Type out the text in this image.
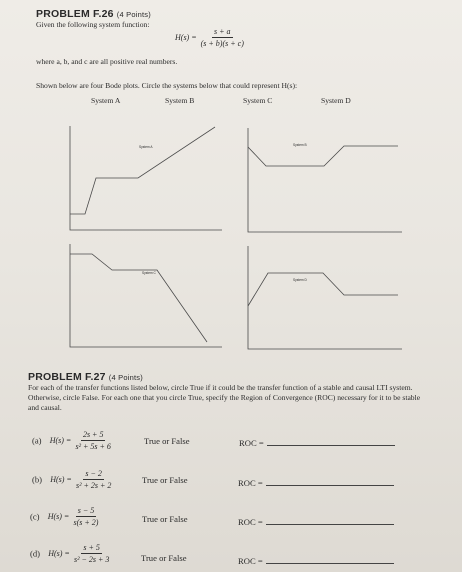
PROBLEM F.26 (4 Points)
Given the following system function:
$H(s) = \frac{s + a}{(s + b)(s + c)}$
where a, b, and c are all positive real numbers.
Shown below are four Bode plots. Circle the systems below that could represent H(s):
System A	System B	System C	System D
System A	System B
System C
System D
PROBLEM F.27 (4 Points)
For each of the transfer functions listed below, circle True if it could be the transfer function of a stable and causal LTI system. Otherwise, circle False. For each one that you circle True, specify the Region of Convergence (ROC) necessary for it to be stable and causal.
(a) $H(s) = \frac{2s + 5}{\text{s² + 5s + 6}}$	True or False	ROC =
(b) $H(s) = \frac{s - 2}{\text{s² + 2s + 2}}$	True or False	ROC =
(c) $H(s) = \frac{s - 5}{s(s + 2)}$	True or False	ROC =
(d) $H(s) = \frac{s + 5}{\text{s² − 2s + 3}}$	True or False	ROC =
